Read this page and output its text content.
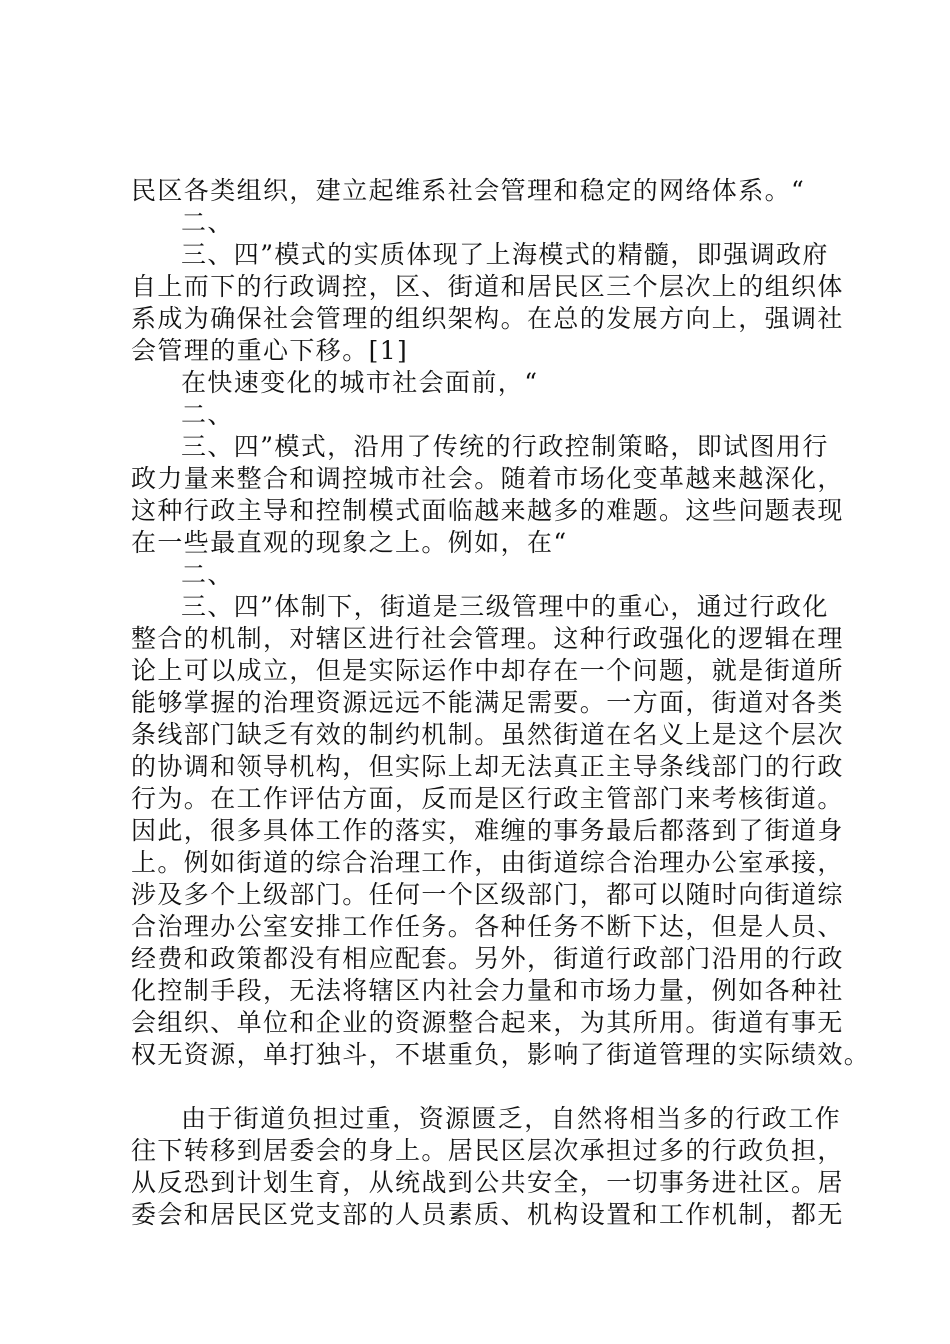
民区各类组织，建立起维系社会管理和稳定的网络体系。“
二、
三、四”模式的实质体现了上海模式的精髓，即强调政府
自上而下的行政调控，区、街道和居民区三个层次上的组织体
系成为确保社会管理的组织架构。在总的发展方向上，强调社
会管理的重心下移。[1]
在快速变化的城市社会面前，“
二、
三、四”模式，沿用了传统的行政控制策略，即试图用行
政力量来整合和调控城市社会。随着市场化变革越来越深化，
这种行政主导和控制模式面临越来越多的难题。这些问题表现
在一些最直观的现象之上。例如，在“
二、
三、四”体制下，街道是三级管理中的重心，通过行政化
整合的机制，对辖区进行社会管理。这种行政强化的逻辑在理
论上可以成立，但是实际运作中却存在一个问题，就是街道所
能够掌握的治理资源远远不能满足需要。一方面，街道对各类
条线部门缺乏有效的制约机制。虽然街道在名义上是这个层次
的协调和领导机构，但实际上却无法真正主导条线部门的行政
行为。在工作评估方面，反而是区行政主管部门来考核街道。
因此，很多具体工作的落实，难缠的事务最后都落到了街道身
上。例如街道的综合治理工作，由街道综合治理办公室承接，
涉及多个上级部门。任何一个区级部门，都可以随时向街道综
合治理办公室安排工作任务。各种任务不断下达，但是人员、
经费和政策都没有相应配套。另外，街道行政部门沿用的行政
化控制手段，无法将辖区内社会力量和市场力量，例如各种社
会组织、单位和企业的资源整合起来，为其所用。街道有事无
权无资源，单打独斗，不堪重负，影响了街道管理的实际绩效。
由于街道负担过重，资源匮乏，自然将相当多的行政工作
往下转移到居委会的身上。居民区层次承担过多的行政负担，
从反恐到计划生育，从统战到公共安全，一切事务进社区。居
委会和居民区党支部的人员素质、机构设置和工作机制，都无
